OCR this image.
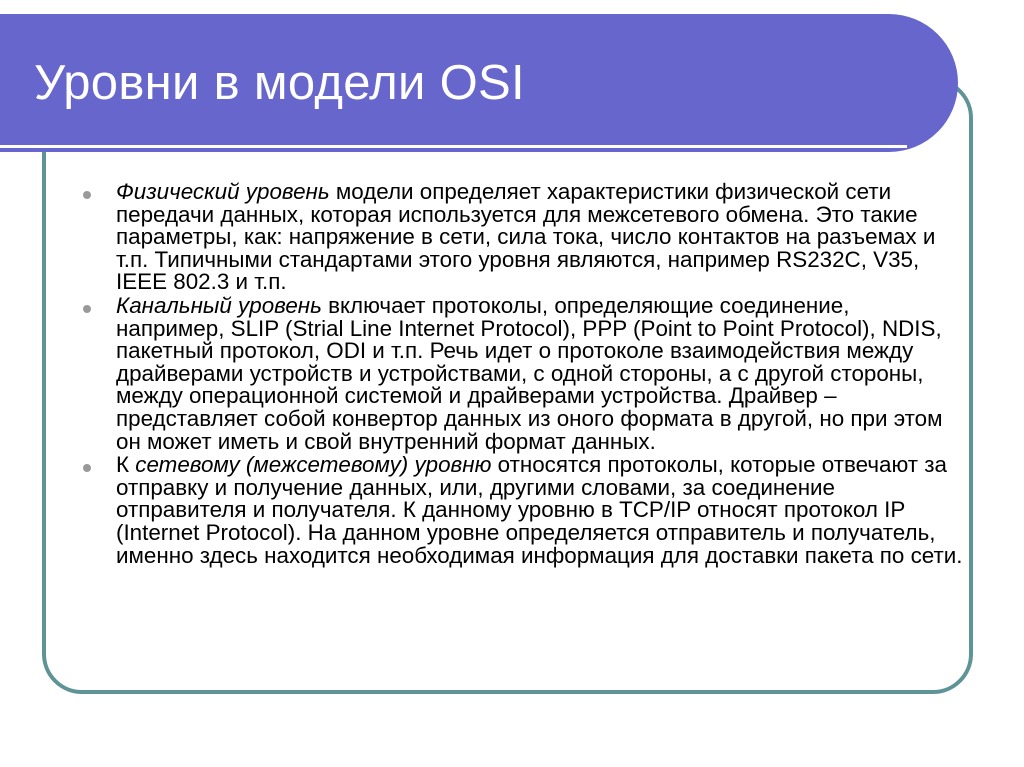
Уровни в модели OSI

Физический уровень модели определяет характеристики физической сети передачи данных, которая используется для межсетевого обмена. Это такие параметры, как: напряжение в сети, сила тока, число контактов на разъемах и т.п. Типичными стандартами этого уровня являются, например RS232C, V35, IEEE 802.3 и т.п.

Канальный уровень включает протоколы, определяющие соединение, например, SLIP (Strial Line Internet Protocol), PPP (Point to Point Protocol), NDIS, пакетный протокол, ODI и т.п. Речь идет о протоколе взаимодействия между драйверами устройств и устройствами, с одной стороны, а с другой стороны, между операционной системой и драйверами устройства. Драйвер – представляет собой конвертор данных из оного формата в другой, но при этом он может иметь и свой внутренний формат данных.

К сетевому (межсетевому) уровню относятся протоколы, которые отвечают за отправку и получение данных, или, другими словами, за соединение отправителя и получателя. К данному уровню в TCP/IP относят протокол IP (Internet Protocol). На данном уровне определяется отправитель и получатель, именно здесь находится необходимая информация для доставки пакета по сети.
